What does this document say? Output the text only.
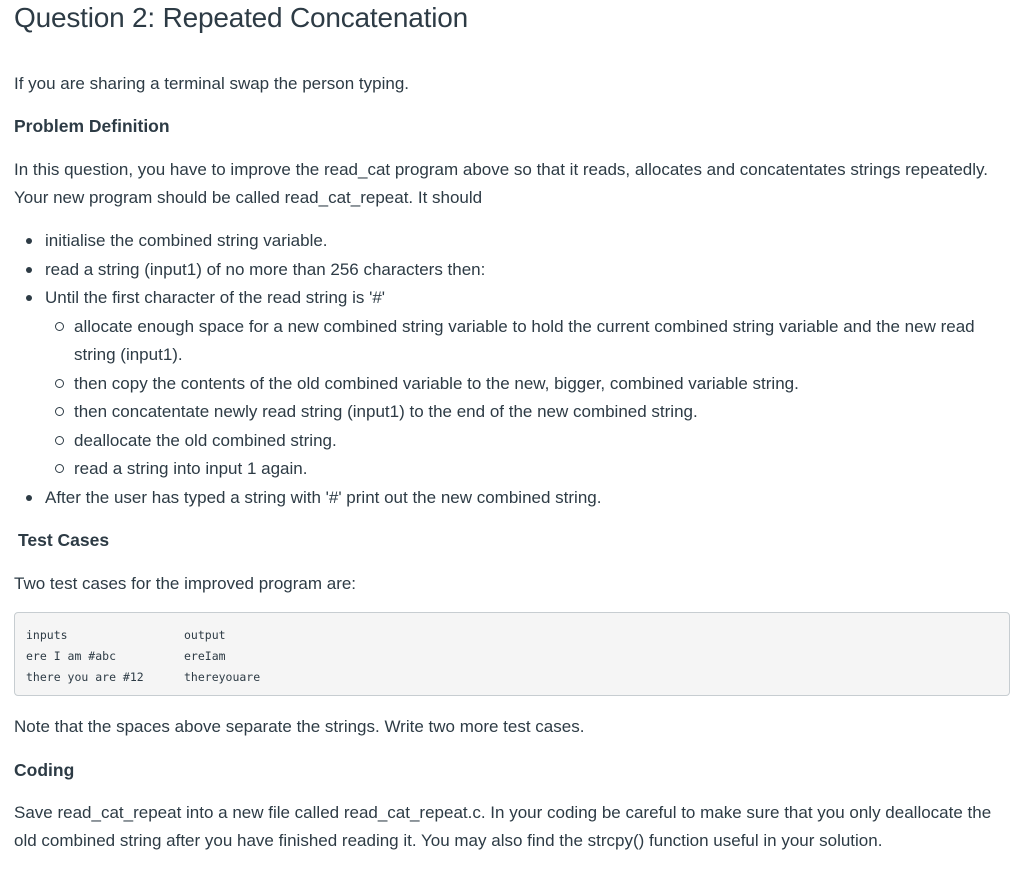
Question 2: Repeated Concatenation

If you are sharing a terminal swap the person typing.

Problem Definition

In this question, you have to improve the read_cat program above so that it reads, allocates and concatentates strings repeatedly. Your new program should be called read_cat_repeat. It should

initialise the combined string variable.
read a string (input1) of no more than 256 characters then:
Until the first character of the read string is '#'
allocate enough space for a new combined string variable to hold the current combined string variable and the new read string (input1).
then copy the contents of the old combined variable to the new, bigger, combined variable string.
then concatentate newly read string (input1) to the end of the new combined string.
deallocate the old combined string.
read a string into input 1 again.
After the user has typed a string with '#' print out the new combined string.
Test Cases

Two test cases for the improved program are:

inputs	output
ere I am #abc	ereIam
there you are #12	thereyouare

Note that the spaces above separate the strings. Write two more test cases.

Coding

Save read_cat_repeat into a new file called read_cat_repeat.c. In your coding be careful to make sure that you only deallocate the old combined string after you have finished reading it. You may also find the strcpy() function useful in your solution.
